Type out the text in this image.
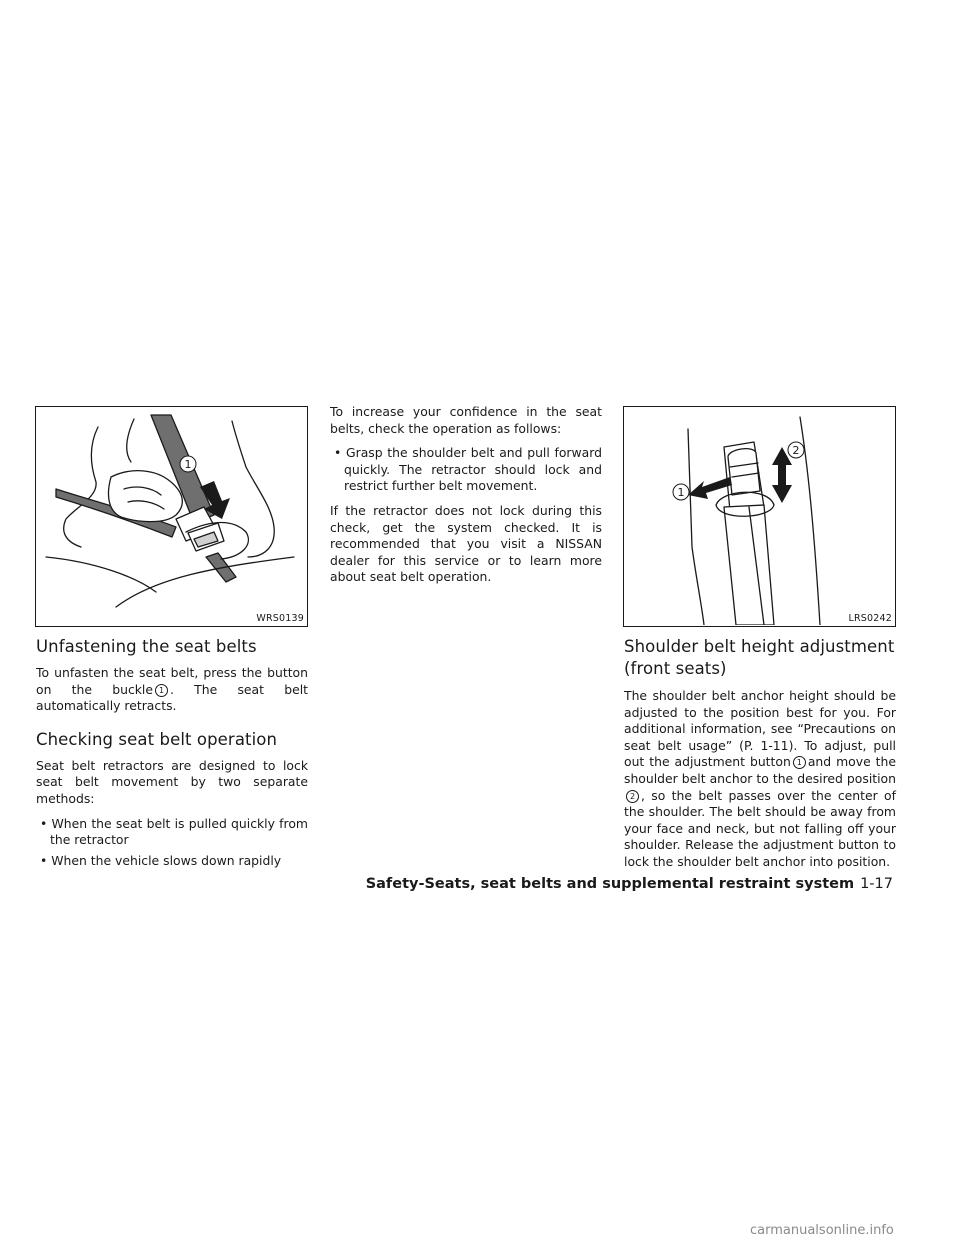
1
WRS0139
1
2
LRS0242
Unfastening the seat belts

To unfasten the seat belt, press the button on the buckle 1 . The seat belt automatically retracts.

Checking seat belt operation

Seat belt retractors are designed to lock seat belt movement by two separate methods:

• When the seat belt is pulled quickly from the retractor
• When the vehicle slows down rapidly

To increase your confidence in the seat belts, check the operation as follows:

• Grasp the shoulder belt and pull forward quickly. The retractor should lock and restrict further belt movement.

If the retractor does not lock during this check, get the system checked. It is recommended that you visit a NISSAN dealer for this service or to learn more about seat belt operation.

Shoulder belt height adjustment
(front seats)

The shoulder belt anchor height should be adjusted to the position best for you. For additional information, see “Precautions on seat belt usage” (P. 1-11). To adjust, pull out the adjustment button 1 and move the shoulder belt anchor to the desired position2 , so the belt passes over the center of the shoulder. The belt should be away from your face and neck, but not falling off your shoulder. Release the adjustment button to lock the shoulder belt anchor into position.

Safety-Seats, seat belts and supplemental restraint system 1-17
carmanualsonline.info
